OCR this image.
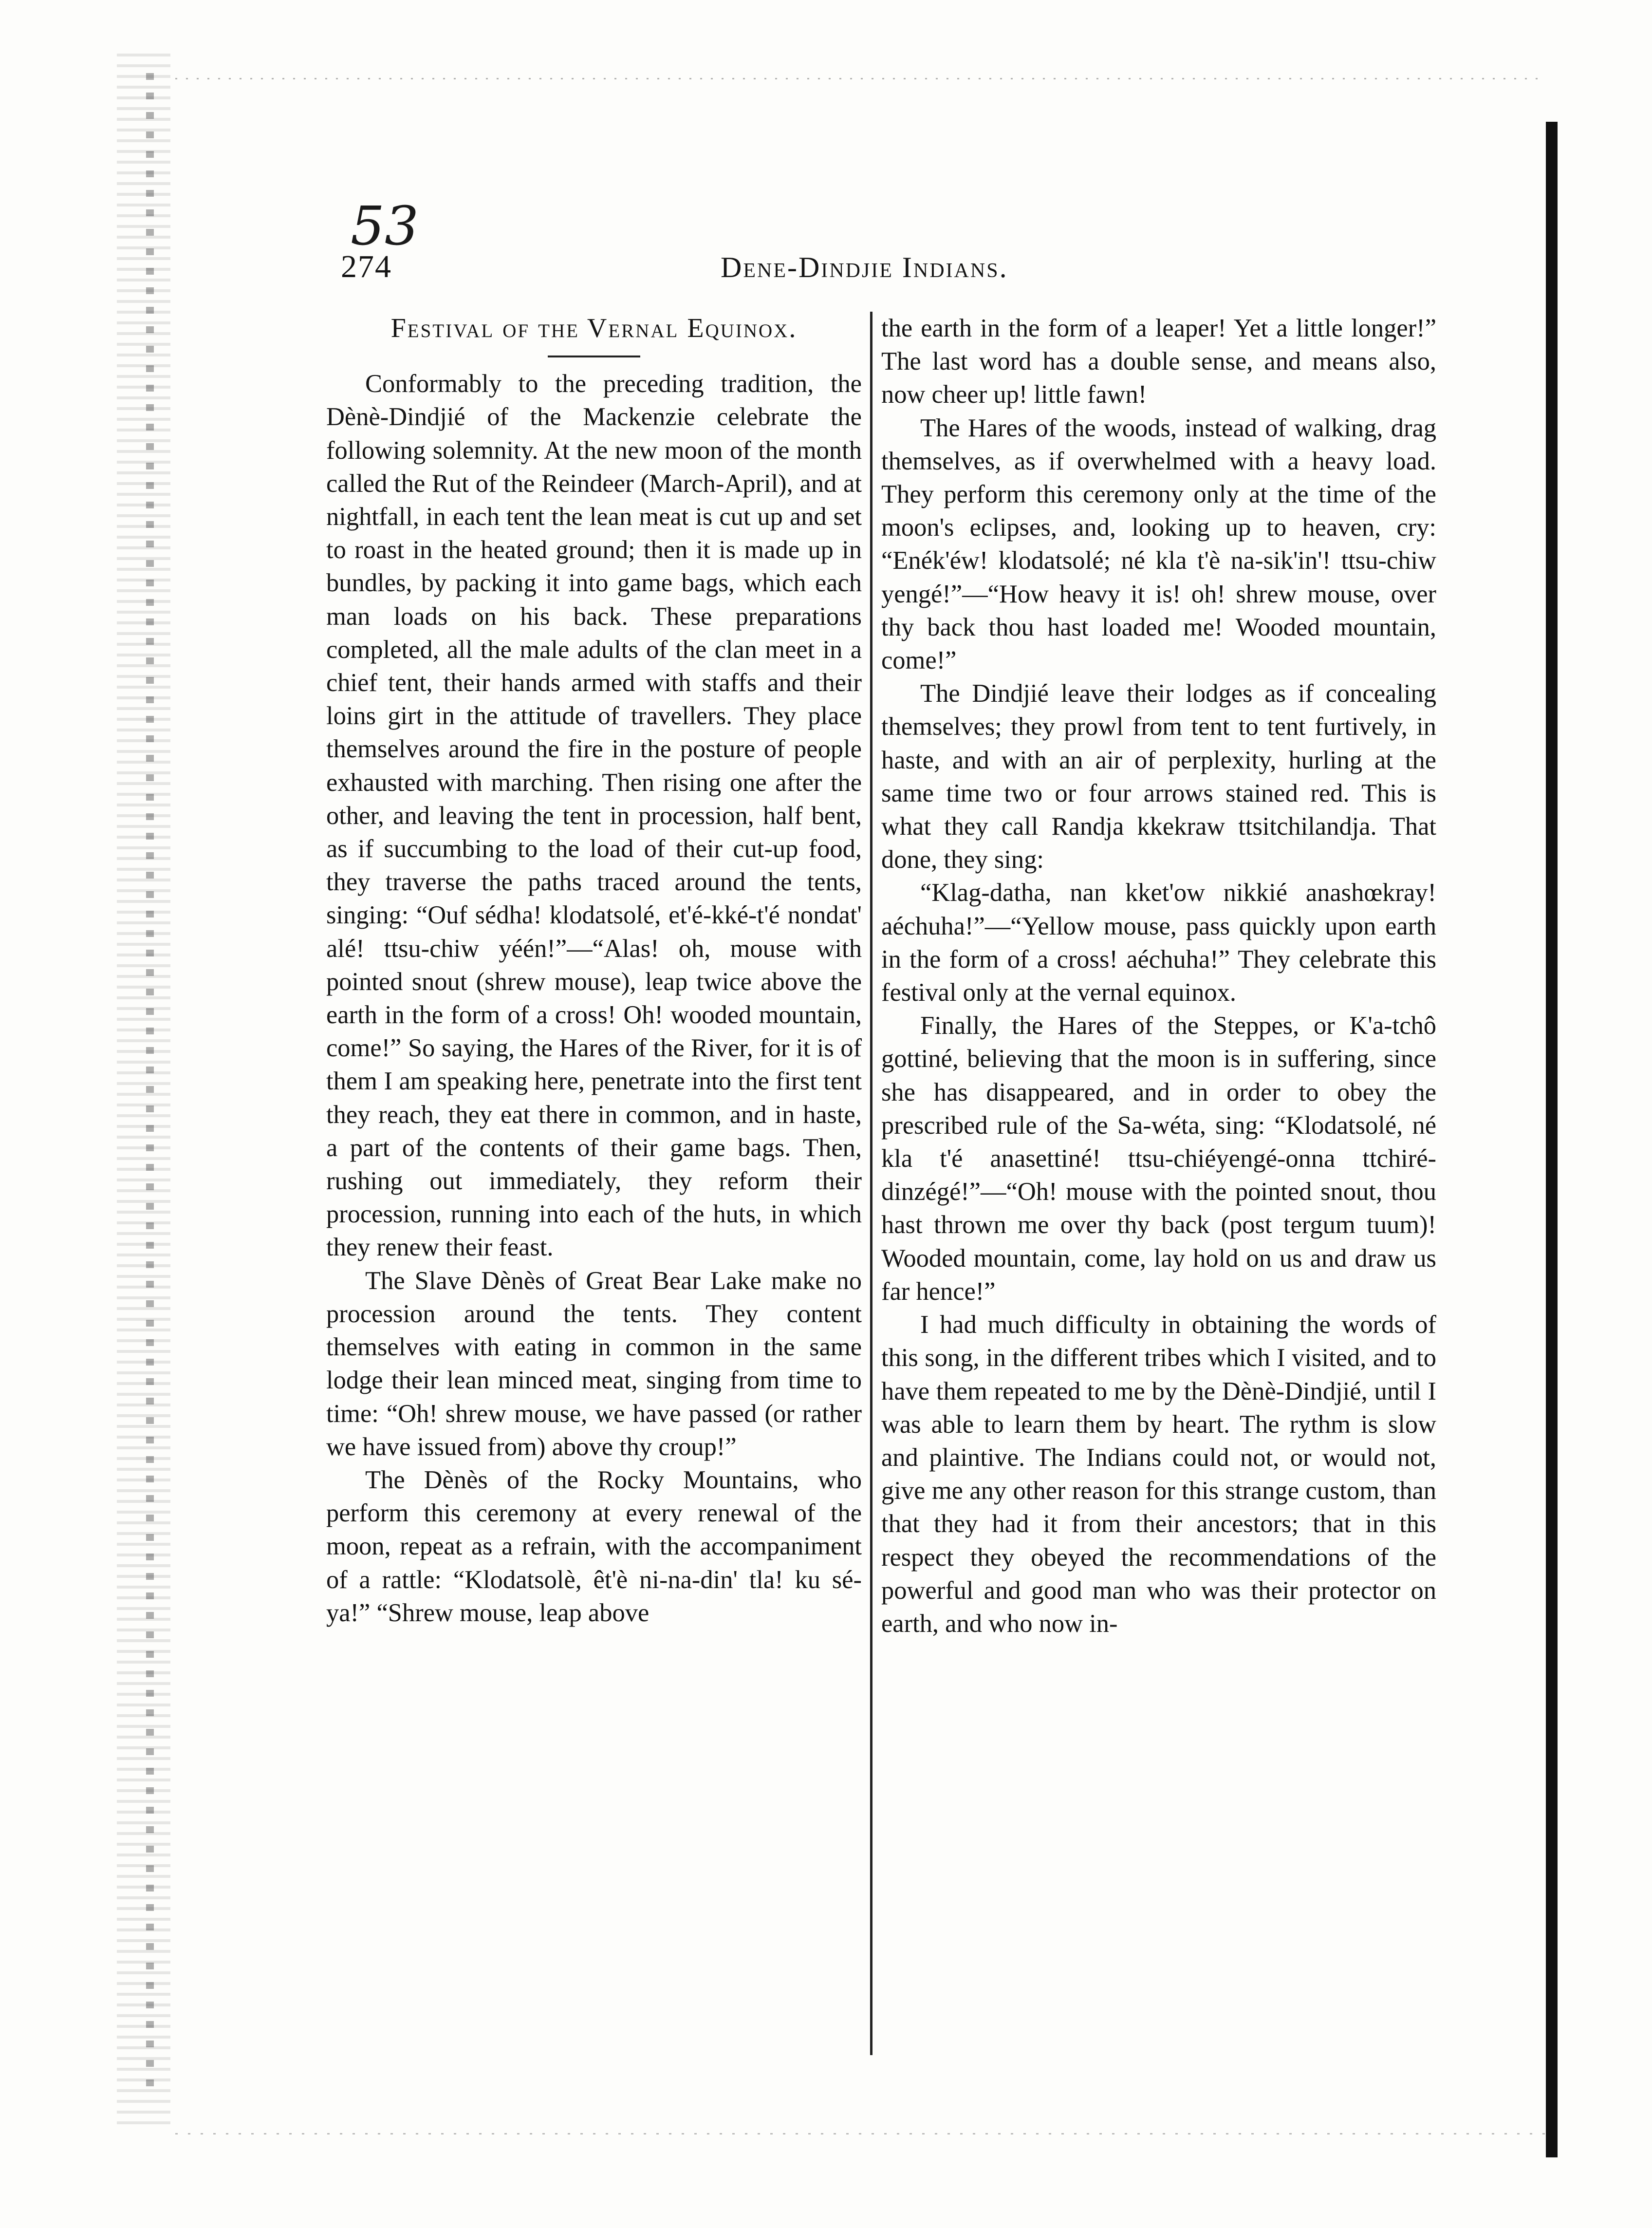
53
274	Dene-Dindjie Indians.
Festival of the Vernal Equinox.

Conformably to the preceding tradition, the Dènè-Dindjié of the Mackenzie celebrate the following solemnity. At the new moon of the month called the Rut of the Reindeer (March-April), and at nightfall, in each tent the lean meat is cut up and set to roast in the heated ground; then it is made up in bundles, by packing it into game bags, which each man loads on his back. These preparations completed, all the male adults of the clan meet in a chief tent, their hands armed with staffs and their loins girt in the attitude of travellers. They place themselves around the fire in the posture of people exhausted with marching. Then rising one after the other, and leaving the tent in procession, half bent, as if succumbing to the load of their cut-up food, they traverse the paths traced around the tents, singing: “Ouf sédha! klodatsolé, et'é-kké-t'é nondat' alé! ttsu-chiw yéén!”—“Alas! oh, mouse with pointed snout (shrew mouse), leap twice above the earth in the form of a cross! Oh! wooded mountain, come!” So saying, the Hares of the River, for it is of them I am speaking here, penetrate into the first tent they reach, they eat there in common, and in haste, a part of the contents of their game bags. Then, rushing out immediately, they reform their procession, running into each of the huts, in which they renew their feast.

The Slave Dènès of Great Bear Lake make no procession around the tents. They content themselves with eating in common in the same lodge their lean minced meat, singing from time to time: “Oh! shrew mouse, we have passed (or rather we have issued from) above thy croup!”

The Dènès of the Rocky Mountains, who perform this ceremony at every renewal of the moon, repeat as a refrain, with the accompaniment of a rattle: “Klodatsolè, êt'è ni-na-din' tla! ku sé-ya!” “Shrew mouse, leap above

the earth in the form of a leaper! Yet a little longer!” The last word has a double sense, and means also, now cheer up! little fawn!

The Hares of the woods, instead of walking, drag themselves, as if overwhelmed with a heavy load. They perform this ceremony only at the time of the moon's eclipses, and, looking up to heaven, cry: “Enék'éw! klodatsolé; né kla t'è na-sik'in'! ttsu-chiw yengé!”—“How heavy it is! oh! shrew mouse, over thy back thou hast loaded me! Wooded mountain, come!”

The Dindjié leave their lodges as if concealing themselves; they prowl from tent to tent furtively, in haste, and with an air of perplexity, hurling at the same time two or four arrows stained red. This is what they call Randja kkekraw ttsitchilandja. That done, they sing:

“Klag-datha, nan kket'ow nikkié anashœkray! aéchuha!”—“Yellow mouse, pass quickly upon earth in the form of a cross! aéchuha!” They celebrate this festival only at the vernal equinox.

Finally, the Hares of the Steppes, or K'a-tchô gottiné, believing that the moon is in suffering, since she has disappeared, and in order to obey the prescribed rule of the Sa-wéta, sing: “Klodatsolé, né kla t'é anasettiné! ttsu-chiéyengé-onna ttchiré-dinzégé!”—“Oh! mouse with the pointed snout, thou hast thrown me over thy back (post tergum tuum)! Wooded mountain, come, lay hold on us and draw us far hence!”

I had much difficulty in obtaining the words of this song, in the different tribes which I visited, and to have them repeated to me by the Dènè-Dindjié, until I was able to learn them by heart. The rythm is slow and plaintive. The Indians could not, or would not, give me any other reason for this strange custom, than that they had it from their ancestors; that in this respect they obeyed the recommendations of the powerful and good man who was their protector on earth, and who now in-
